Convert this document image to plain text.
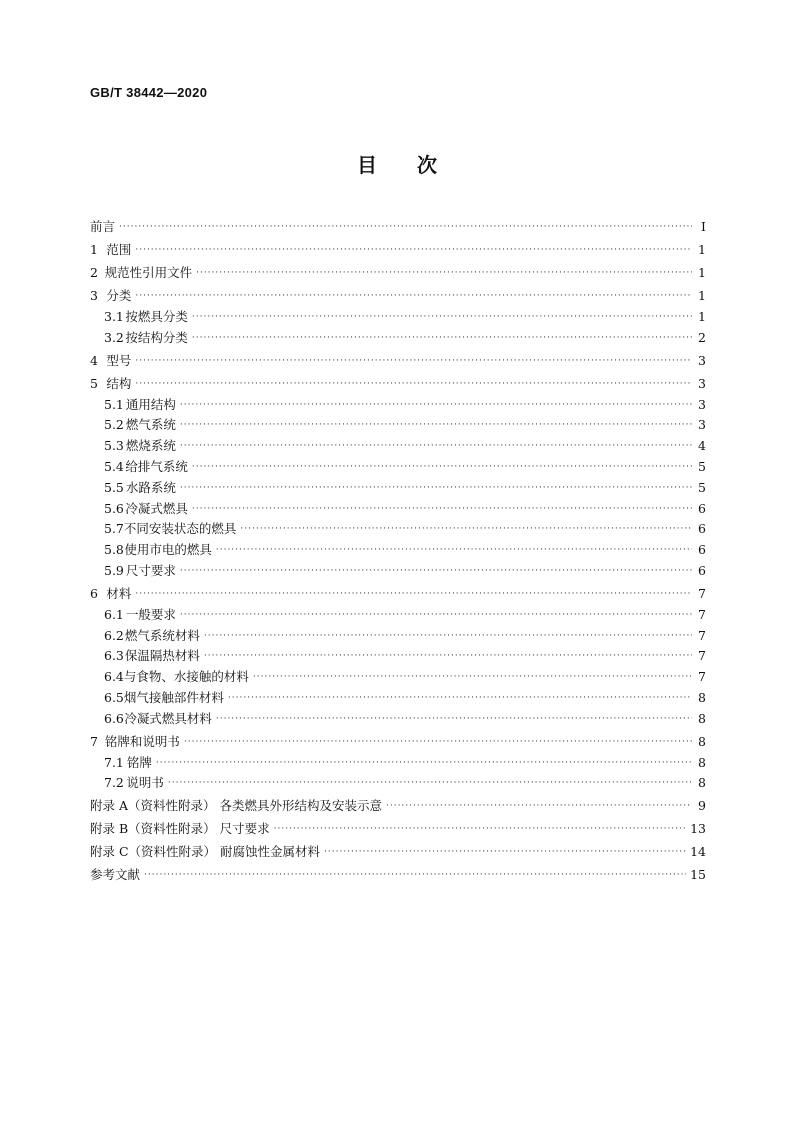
GB/T 38442—2020
目 次
前言 ·····	I
1 范围 ·····	1
2 规范性引用文件 ·····	1
3 分类 ·····	1
3.1 按燃具分类 ·····	1
3.2 按结构分类 ·····	2
4 型号 ·····	3
5 结构 ·····	3
5.1 通用结构 ·····	3
5.2 燃气系统 ·····	3
5.3 燃烧系统 ·····	4
5.4 给排气系统 ·····	5
5.5 水路系统 ·····	5
5.6 冷凝式燃具 ·····	6
5.7 不同安装状态的燃具 ·····	6
5.8 使用市电的燃具 ·····	6
5.9 尺寸要求 ·····	6
6 材料 ·····	7
6.1 一般要求 ·····	7
6.2 燃气系统材料 ·····	7
6.3 保温隔热材料 ·····	7
6.4 与食物、水接触的材料 ·····	7
6.5 烟气接触部件材料 ·····	8
6.6 冷凝式燃具材料 ·····	8
7 铭牌和说明书 ·····	8
7.1 铭牌 ·····	8
7.2 说明书 ·····	8
附录 A（资料性附录） 各类燃具外形结构及安装示意 ·····	9
附录 B（资料性附录） 尺寸要求 ·····	13
附录 C（资料性附录） 耐腐蚀性金属材料 ·····	14
参考文献 ·····	15
